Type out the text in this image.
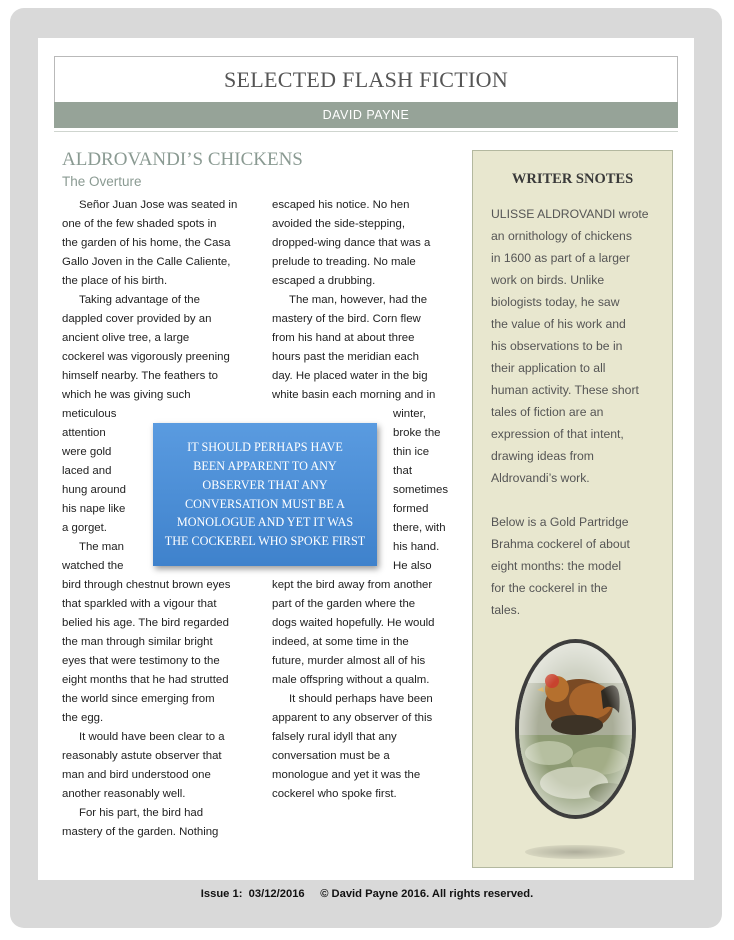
SELECTED FLASH FICTION
DAVID PAYNE
ALDROVANDI’S CHICKENS
The Overture

Señor Juan Jose was seated in
one of the few shaded spots in
the garden of his home, the Casa
Gallo Joven in the Calle Caliente,
the place of his birth.

Taking advantage of the
dappled cover provided by an
ancient olive tree, a large
cockerel was vigorously preening
himself nearby. The feathers to
which he was giving such
meticulous
attention
were gold
laced and
hung around
his nape like
a gorget.

The man
watched the
bird through chestnut brown eyes
that sparkled with a vigour that
belied his age. The bird regarded
the man through similar bright
eyes that were testimony to the
eight months that he had strutted
the world since emerging from
the egg.

It would have been clear to a
reasonably astute observer that
man and bird understood one
another reasonably well.

For his part, the bird had
mastery of the garden. Nothing

escaped his notice. No hen
avoided the side-stepping,
dropped-wing dance that was a
prelude to treading. No male
escaped a drubbing.

The man, however, had the
mastery of the bird. Corn flew
from his hand at about three
hours past the meridian each
day. He placed water in the big
white basin each morning and in

winter,
broke the
thin ice
that
sometimes
formed
there, with
his hand.
He also
kept the bird away from another
part of the garden where the
dogs waited hopefully. He would
indeed, at some time in the
future, murder almost all of his
male offspring without a qualm.

It should perhaps have been
apparent to any observer of this
falsely rural idyll that any
conversation must be a
monologue and yet it was the
cockerel who spoke first.

IT SHOULD PERHAPS HAVE
BEEN APPARENT TO ANY
OBSERVER THAT ANY
CONVERSATION MUST BE A
MONOLOGUE AND YET IT WAS
THE COCKEREL WHO SPOKE FIRST
WRITER SNOTES
ULISSE ALDROVANDI wrote
an ornithology of chickens
in 1600 as part of a larger
work on birds. Unlike
biologists today, he saw
the value of his work and
his observations to be in
their application to all
human activity. These short
tales of fiction are an
expression of that intent,
drawing ideas from
Aldrovandi’s work.
Below is a Gold Partridge
Brahma cockerel of about
eight months: the model
for the cockerel in the
tales.
Issue 1:  03/12/2016 © David Payne 2016. All rights reserved.
